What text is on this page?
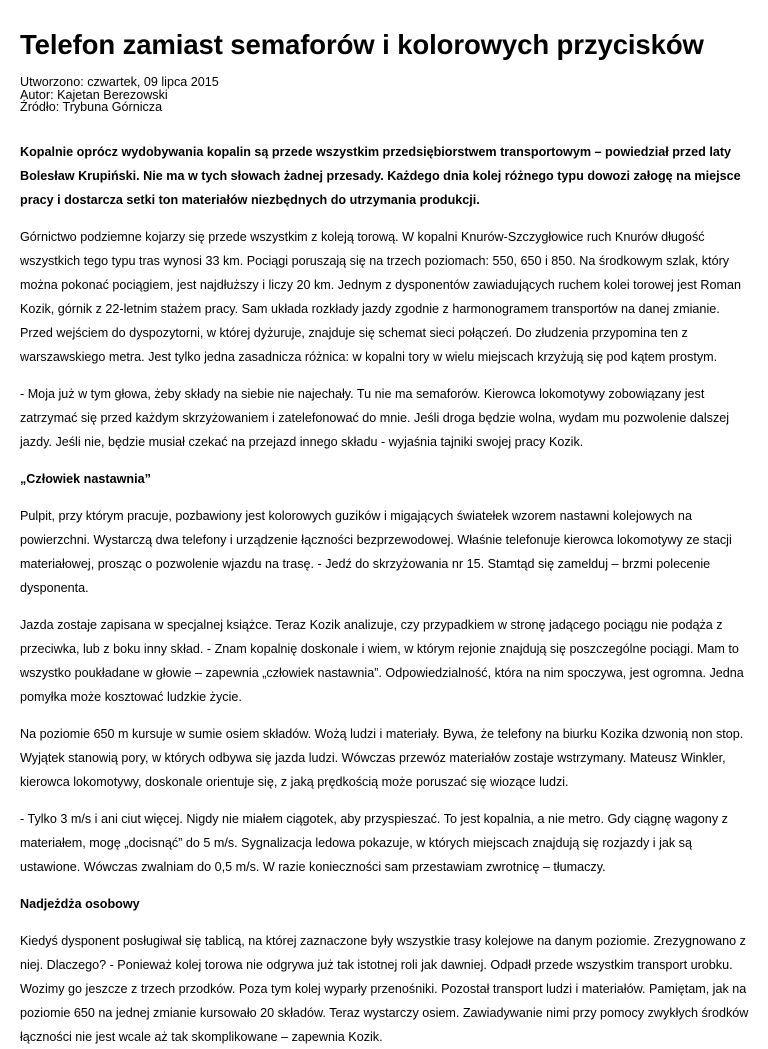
Telefon zamiast semaforów i kolorowych przycisków
Utworzono: czwartek, 09 lipca 2015
Autor: Kajetan Berezowski
Źródło: Trybuna Górnicza

Kopalnie oprócz wydobywania kopalin są przede wszystkim przedsiębiorstwem transportowym – powiedział przed laty Bolesław Krupiński. Nie ma w tych słowach żadnej przesady. Każdego dnia kolej różnego typu dowozi załogę na miejsce pracy i dostarcza setki ton materiałów niezbędnych do utrzymania produkcji.

Górnictwo podziemne kojarzy się przede wszystkim z koleją torową. W kopalni Knurów-Szczygłowice ruch Knurów długość wszystkich tego typu tras wynosi 33 km. Pociągi poruszają się na trzech poziomach: 550, 650 i 850. Na środkowym szlak, który można pokonać pociągiem, jest najdłuższy i liczy 20 km. Jednym z dysponentów zawiadujących ruchem kolei torowej jest Roman Kozik, górnik z 22-letnim stażem pracy. Sam układa rozkłady jazdy zgodnie z harmonogramem transportów na danej zmianie. Przed wejściem do dyspozytorni, w której dyżuruje, znajduje się schemat sieci połączeń. Do złudzenia przypomina ten z warszawskiego metra. Jest tylko jedna zasadnicza różnica: w kopalni tory w wielu miejscach krzyżują się pod kątem prostym.

- Moja już w tym głowa, żeby składy na siebie nie najechały. Tu nie ma semaforów. Kierowca lokomotywy zobowiązany jest zatrzymać się przed każdym skrzyżowaniem i zatelefonować do mnie. Jeśli droga będzie wolna, wydam mu pozwolenie dalszej jazdy. Jeśli nie, będzie musiał czekać na przejazd innego składu - wyjaśnia tajniki swojej pracy Kozik.

„Człowiek nastawnia”

Pulpit, przy którym pracuje, pozbawiony jest kolorowych guzików i migających światełek wzorem nastawni kolejowych na powierzchni. Wystarczą dwa telefony i urządzenie łączności bezprzewodowej. Właśnie telefonuje kierowca lokomotywy ze stacji materiałowej, prosząc o pozwolenie wjazdu na trasę. - Jedź do skrzyżowania nr 15. Stamtąd się zamelduj – brzmi polecenie dysponenta.

Jazda zostaje zapisana w specjalnej książce. Teraz Kozik analizuje, czy przypadkiem w stronę jadącego pociągu nie podąża z przeciwka, lub z boku inny skład. - Znam kopalnię doskonale i wiem, w którym rejonie znajdują się poszczególne pociągi. Mam to wszystko poukładane w głowie – zapewnia „człowiek nastawnia”. Odpowiedzialność, która na nim spoczywa, jest ogromna. Jedna pomyłka może kosztować ludzkie życie.

Na poziomie 650 m kursuje w sumie osiem składów. Wożą ludzi i materiały. Bywa, że telefony na biurku Kozika dzwonią non stop. Wyjątek stanowią pory, w których odbywa się jazda ludzi. Wówczas przewóz materiałów zostaje wstrzymany. Mateusz Winkler, kierowca lokomotywy, doskonale orientuje się, z jaką prędkością może poruszać się wiozące ludzi.

- Tylko 3 m/s i ani ciut więcej. Nigdy nie miałem ciągotek, aby przyspieszać. To jest kopalnia, a nie metro. Gdy ciągnę wagony z materiałem, mogę „docisnąć” do 5 m/s. Sygnalizacja ledowa pokazuje, w których miejscach znajdują się rozjazdy i jak są ustawione. Wówczas zwalniam do 0,5 m/s. W razie konieczności sam przestawiam zwrotnicę – tłumaczy.

Nadjeżdża osobowy

Kiedyś dysponent posługiwał się tablicą, na której zaznaczone były wszystkie trasy kolejowe na danym poziomie. Zrezygnowano z niej. Dlaczego? - Ponieważ kolej torowa nie odgrywa już tak istotnej roli jak dawniej. Odpadł przede wszystkim transport urobku. Wozimy go jeszcze z trzech przodków. Poza tym kolej wyparły przenośniki. Pozostał transport ludzi i materiałów. Pamiętam, jak na poziomie 650 na jednej zmianie kursowało 20 składów. Teraz wystarczy osiem. Zawiadywanie nimi przy pomocy zwykłych środków łączności nie jest wcale aż tak skomplikowane – zapewnia Kozik.
